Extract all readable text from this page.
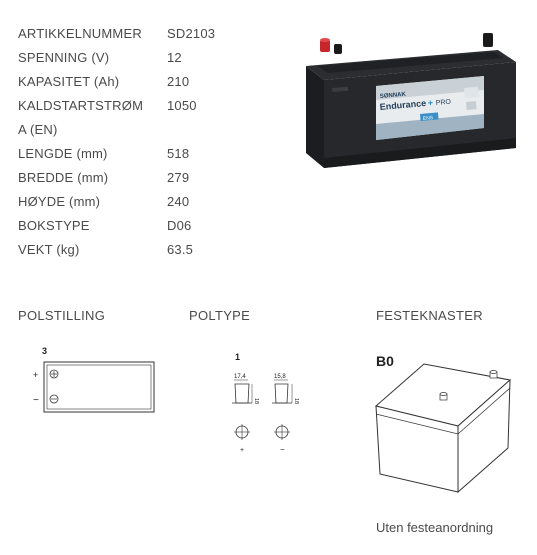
ARTIKKELNUMMER	SD2103
SPENNING (V)	12
KAPASITET (Ah)	210
KALDSTARTSTRØM	1050
A (EN)
LENGDE (mm)	518
BREDDE (mm)	279
HØYDE (mm)	240
BOKSTYPE	D06
VEKT (kg)	63.5
SØNNAK
Endurance + PRO
ENS
POLSTILLING	POLTYPE	FESTEKNASTER
3
+
−
1
17,4
18
15,8
18
+	−
B0
Uten festeanordning
